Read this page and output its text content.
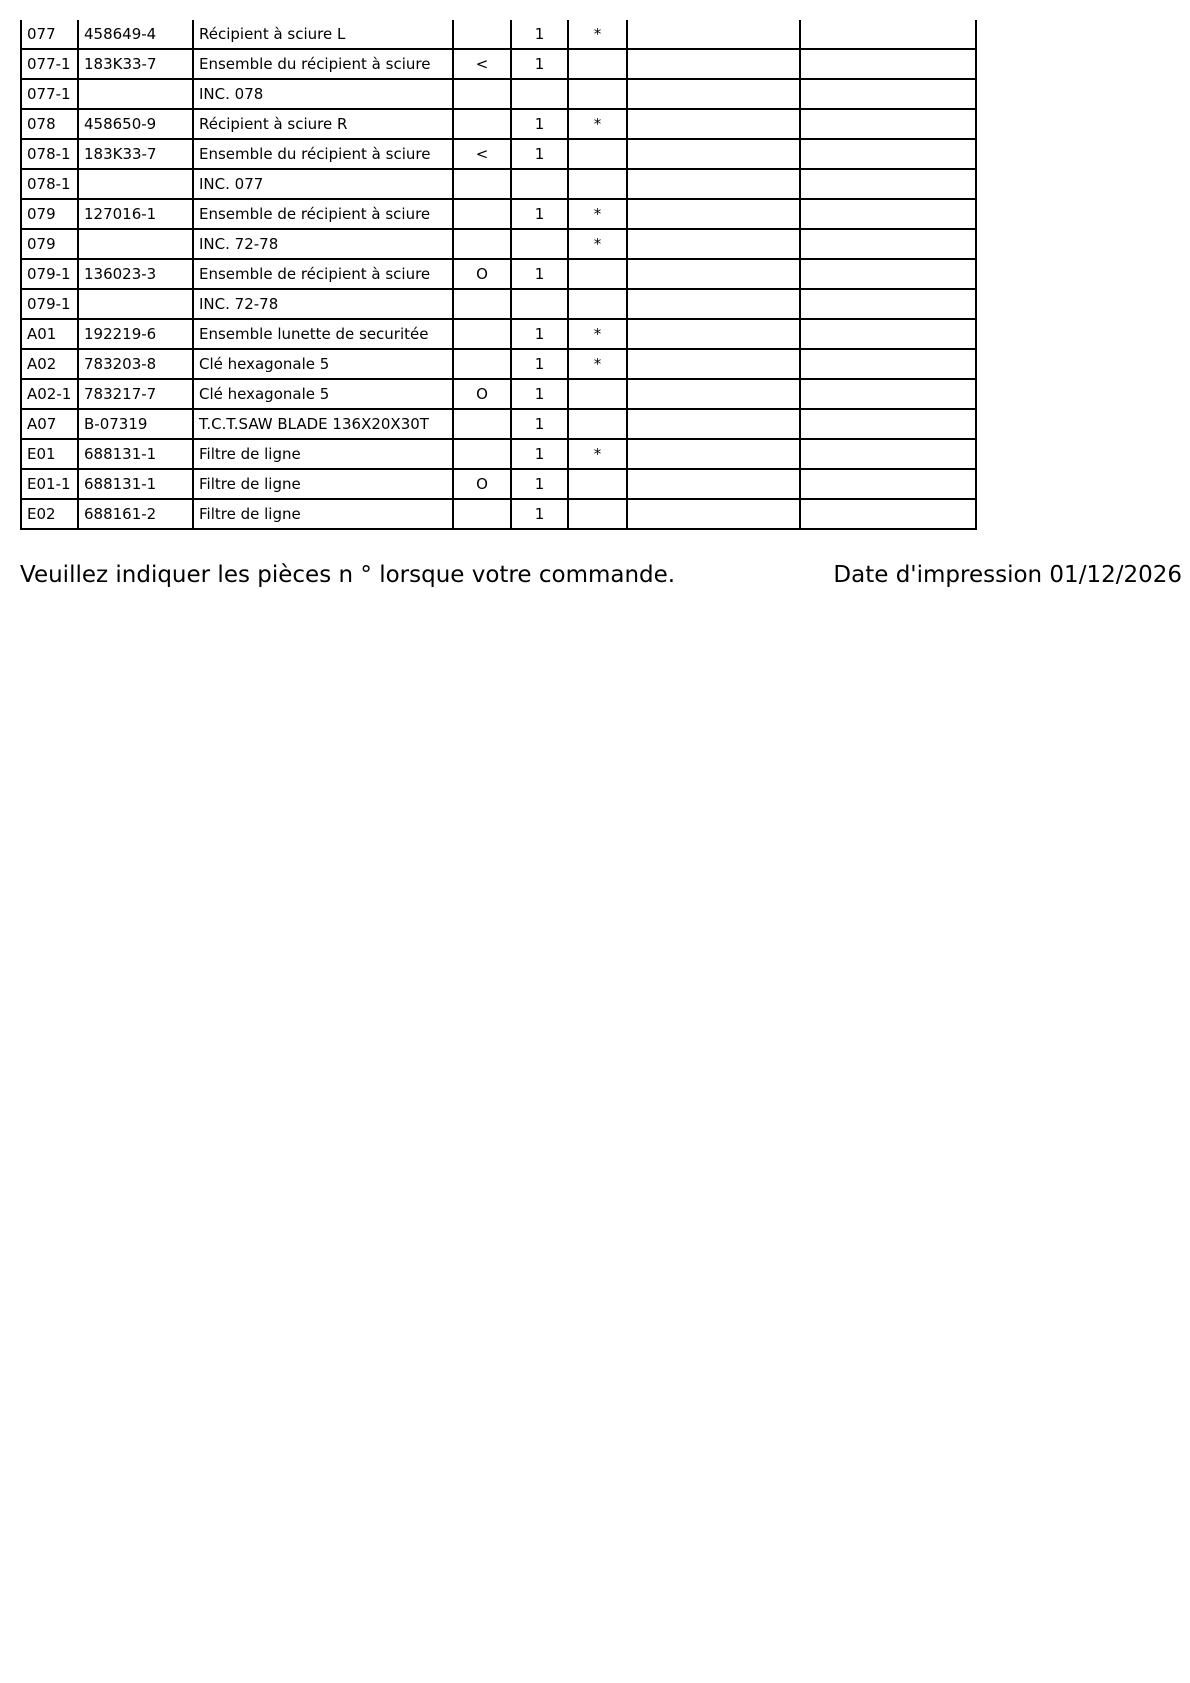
077	458649-4	Récipient à sciure L		1	*		
077-1	183K33-7	Ensemble du récipient à sciure	<	1			
077-1		INC. 078					
078	458650-9	Récipient à sciure R		1	*		
078-1	183K33-7	Ensemble du récipient à sciure	<	1			
078-1		INC. 077					
079	127016-1	Ensemble de récipient à sciure		1	*		
079		INC. 72-78			*		
079-1	136023-3	Ensemble de récipient à sciure	O	1			
079-1		INC. 72-78					
A01	192219-6	Ensemble lunette de securitée		1	*		
A02	783203-8	Clé hexagonale 5		1	*		
A02-1	783217-7	Clé hexagonale 5	O	1			
A07	B-07319	T.C.T.SAW BLADE 136X20X30T		1			
E01	688131-1	Filtre de ligne		1	*		
E01-1	688131-1	Filtre de ligne	O	1			
E02	688161-2	Filtre de ligne		1			
Veuillez indiquer les pièces n ° lorsque votre commande.	Date d'impression 01/12/2026
